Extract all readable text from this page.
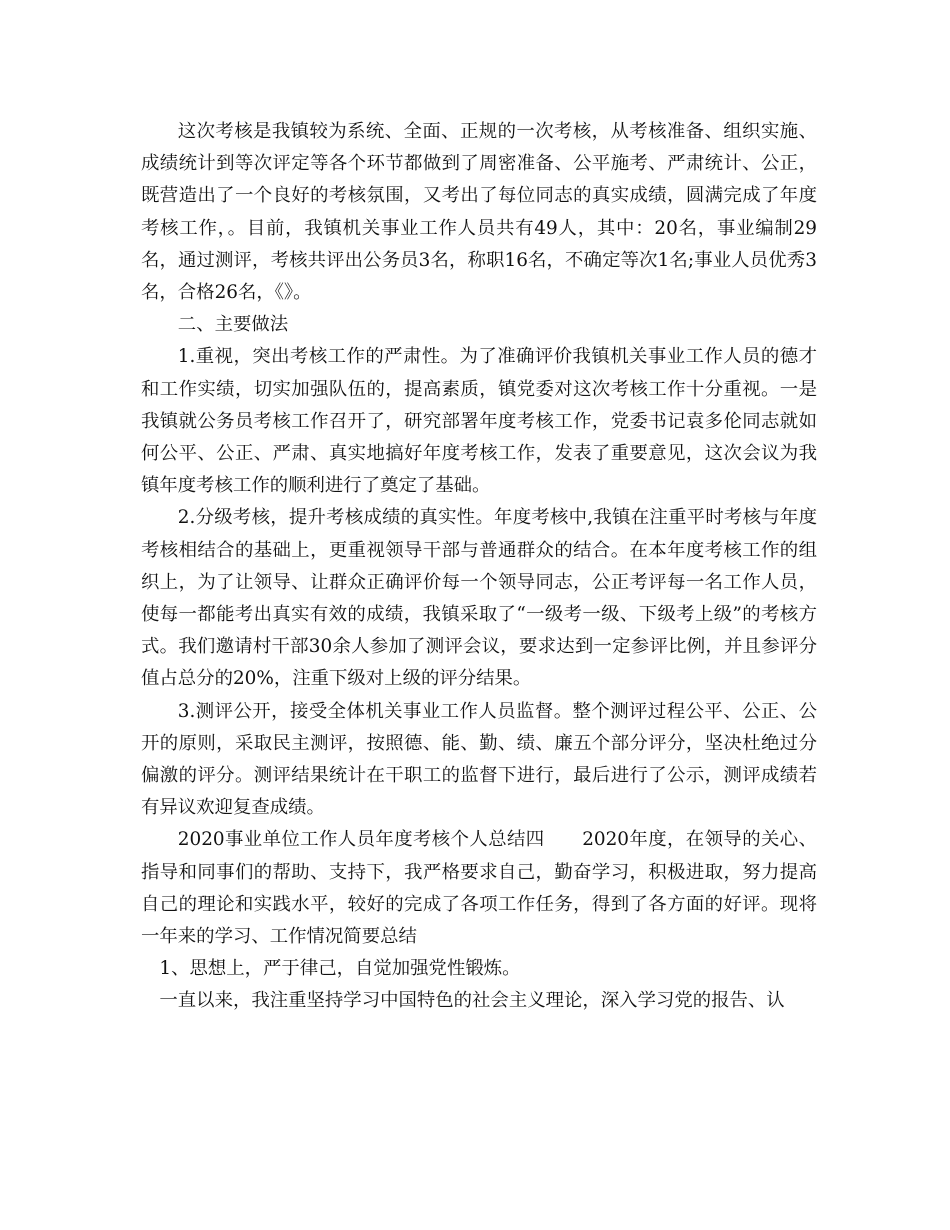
这次考核是我镇较为系统、全面、正规的一次考核，从考核准备、组织实施、成绩统计到等次评定等各个环节都做到了周密准备、公平施考、严肃统计、公正，既营造出了一个良好的考核氛围，又考出了每位同志的真实成绩，圆满完成了年度考核工作，。目前，我镇机关事业工作人员共有49人，其中：20名，事业编制29名，通过测评，考核共评出公务员3名，称职16名，不确定等次1名;事业人员优秀3名，合格26名，《》。

二、主要做法

1.重视，突出考核工作的严肃性。为了准确评价我镇机关事业工作人员的德才和工作实绩，切实加强队伍的，提高素质，镇党委对这次考核工作十分重视。一是我镇就公务员考核工作召开了，研究部署年度考核工作，党委书记袁多伦同志就如何公平、公正、严肃、真实地搞好年度考核工作，发表了重要意见，这次会议为我镇年度考核工作的顺利进行了奠定了基础。

2.分级考核，提升考核成绩的真实性。年度考核中,我镇在注重平时考核与年度考核相结合的基础上，更重视领导干部与普通群众的结合。在本年度考核工作的组织上，为了让领导、让群众正确评价每一个领导同志，公正考评每一名工作人员，使每一都能考出真实有效的成绩，我镇采取了“一级考一级、下级考上级”的考核方式。我们邀请村干部30余人参加了测评会议，要求达到一定参评比例，并且参评分值占总分的20%，注重下级对上级的评分结果。

3.测评公开，接受全体机关事业工作人员监督。整个测评过程公平、公正、公开的原则，采取民主测评，按照德、能、勤、绩、廉五个部分评分，坚决杜绝过分偏激的评分。测评结果统计在干职工的监督下进行，最后进行了公示，测评成绩若有异议欢迎复查成绩。

2020事业单位工作人员年度考核个人总结四　　2020年度，在领导的关心、指导和同事们的帮助、支持下，我严格要求自己，勤奋学习，积极进取，努力提高自己的理论和实践水平，较好的完成了各项工作任务，得到了各方面的好评。现将一年来的学习、工作情况简要总结

1、思想上，严于律己，自觉加强党性锻炼。

一直以来，我注重坚持学习中国特色的社会主义理论，深入学习党的报告、认
